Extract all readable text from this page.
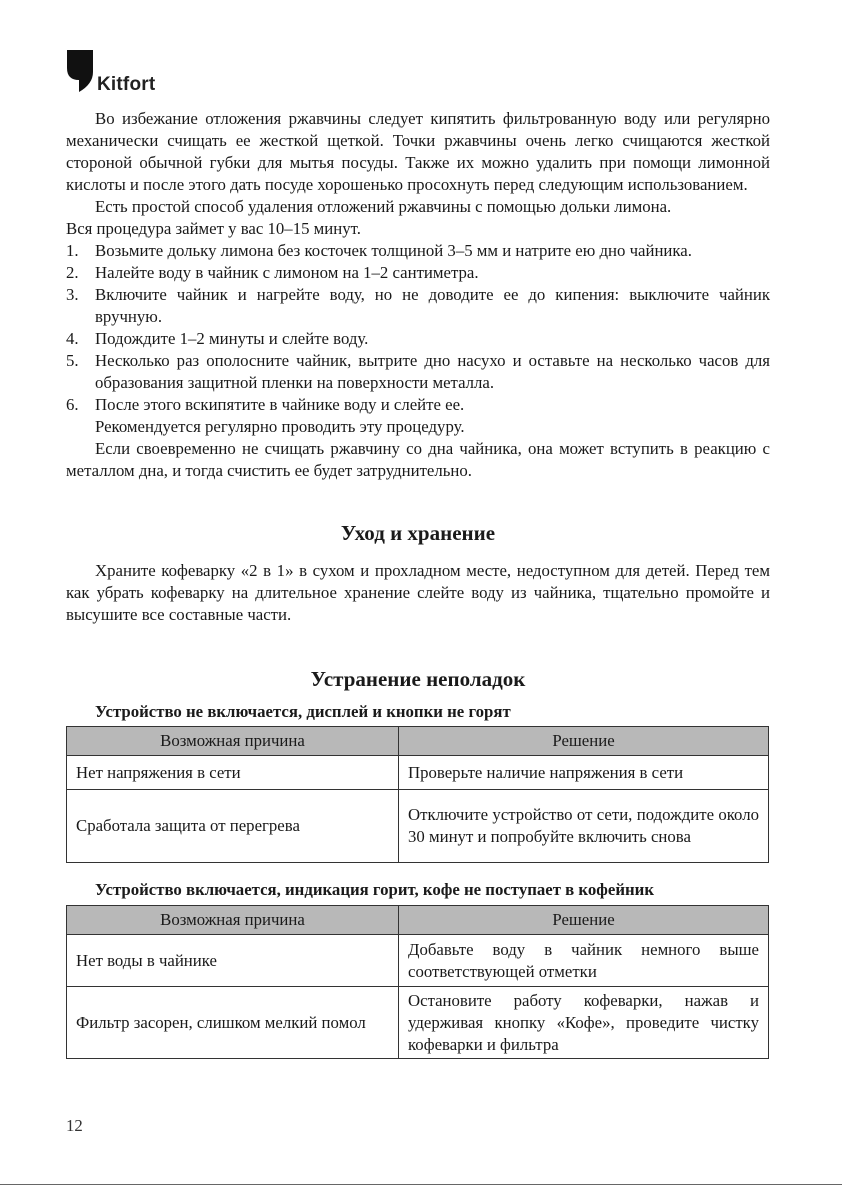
Kitfort

Во избежание отложения ржавчины следует кипятить фильтрованную воду или регулярно механически счищать ее жесткой щеткой. Точки ржавчины очень легко счищаются жесткой стороной обычной губки для мытья посуды. Также их можно удалить при помощи лимонной кислоты и после этого дать посуде хорошенько просохнуть перед следующим использованием.

Есть простой способ удаления отложений ржавчины с помощью дольки лимона.

Вся процедура займет у вас 10–15 минут.

1. Возьмите дольку лимона без косточек толщиной 3–5 мм и натрите ею дно чайника.
2. Налейте воду в чайник с лимоном на 1–2 сантиметра.
3. Включите чайник и нагрейте воду, но не доводите ее до кипения: выключите чайник вручную.
4. Подождите 1–2 минуты и слейте воду.
5. Несколько раз ополосните чайник, вытрите дно насухо и оставьте на несколько часов для образования защитной пленки на поверхности металла.
6. После этого вскипятите в чайнике воду и слейте ее.

Рекомендуется регулярно проводить эту процедуру.

Если своевременно не счищать ржавчину со дна чайника, она может вступить в реакцию с металлом дна, и тогда счистить ее будет затруднительно.

Уход и хранение

Храните кофеварку «2 в 1» в сухом и прохладном месте, недоступном для детей. Перед тем как убрать кофеварку на длительное хранение слейте воду из чайника, тщательно промойте и высушите все составные части.

Устранение неполадок
Устройство не включается, дисплей и кнопки не горят
Возможная причина	Решение
Нет напряжения в сети	Проверьте наличие напряжения в сети
Сработала защита от перегрева	Отключите устройство от сети, подождите около 30 минут и попробуйте включить снова
Устройство включается, индикация горит, кофе не поступает в кофейник
Возможная причина	Решение
Нет воды в чайнике	Добавьте воду в чайник немного выше соответствующей отметки
Фильтр засорен, слишком мелкий помол	Остановите работу кофеварки, нажав и удерживая кнопку «Кофе», проведите чистку кофеварки и фильтра
12
